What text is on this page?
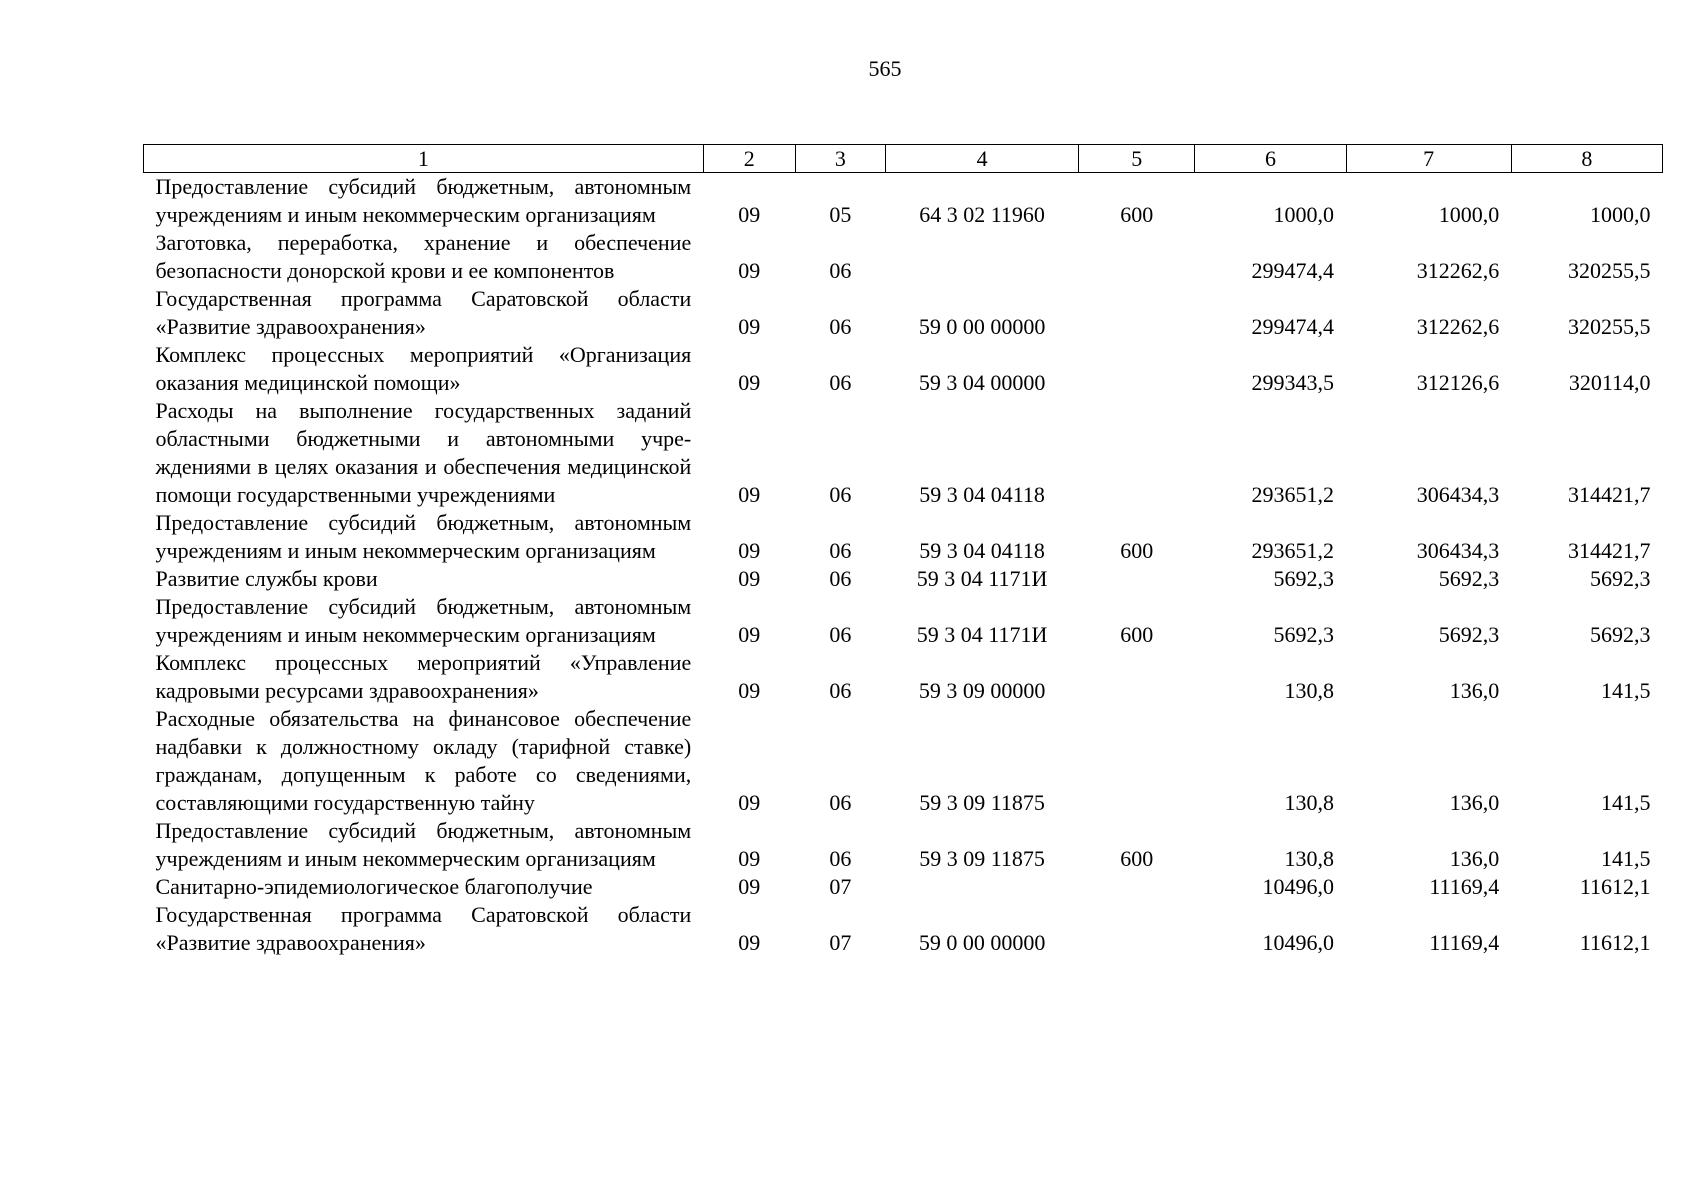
565
1	2	3	4	5	6	7	8
Предоставление субсидий бюджетным, автономным учреждениям и иным некоммерческим организациям	09	05	64 3 02 11960	600	1000,0	1000,0	1000,0
Заготовка, переработка, хранение и обеспечение безопасности донорской крови и ее компонентов	09	06			299474,4	312262,6	320255,5
Государственная программа Саратовской области «Развитие здравоохранения»	09	06	59 0 00 00000		299474,4	312262,6	320255,5
Комплекс процессных мероприятий «Организация оказания медицинской помощи»	09	06	59 3 04 00000		299343,5	312126,6	320114,0
Расходы на выполнение государственных заданий областными бюджетными и автономными учреждениями в целях оказания и обеспечения медицинской помощи государственными учреждениями	09	06	59 3 04 04118		293651,2	306434,3	314421,7
Предоставление субсидий бюджетным, автономным учреждениям и иным некоммерческим организациям	09	06	59 3 04 04118	600	293651,2	306434,3	314421,7
Развитие службы крови	09	06	59 3 04 1171И		5692,3	5692,3	5692,3
Предоставление субсидий бюджетным, автономным учреждениям и иным некоммерческим организациям	09	06	59 3 04 1171И	600	5692,3	5692,3	5692,3
Комплекс процессных мероприятий «Управление кадровыми ресурсами здравоохранения»	09	06	59 3 09 00000		130,8	136,0	141,5
Расходные обязательства на финансовое обеспечение надбавки к должностному окладу (тарифной ставке) гражданам, допущенным к работе со сведениями, составляющими государственную тайну	09	06	59 3 09 11875		130,8	136,0	141,5
Предоставление субсидий бюджетным, автономным учреждениям и иным некоммерческим организациям	09	06	59 3 09 11875	600	130,8	136,0	141,5
Санитарно-эпидемиологическое благополучие	09	07			10496,0	11169,4	11612,1
Государственная программа Саратовской области «Развитие здравоохранения»	09	07	59 0 00 00000		10496,0	11169,4	11612,1
